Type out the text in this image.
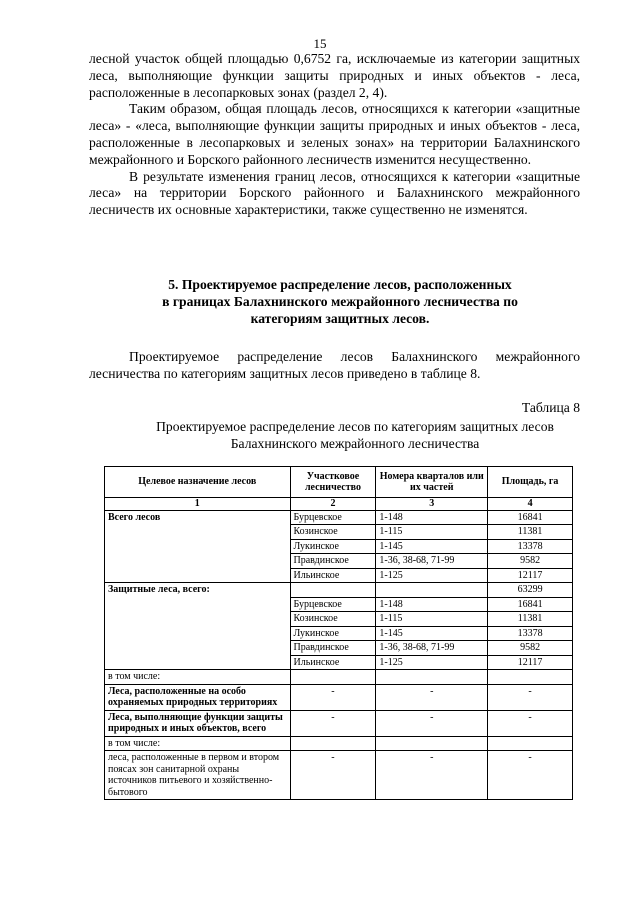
15

лесной участок общей площадью 0,6752 га, исключаемые из категории защитных леса, выполняющие функции защиты природных и иных объектов - леса, расположенные в лесопарковых зонах (раздел 2, 4).

Таким образом, общая площадь лесов, относящихся к категории «защитные леса» - «леса, выполняющие функции защиты природных и иных объектов - леса, расположенные в лесопарковых и зеленых зонах» на территории Балахнинского межрайонного и Борского районного лесничеств изменится несущественно.

В результате изменения границ лесов, относящихся к категории «защитные леса» на территории Борского районного и Балахнинского межрайонного лесничеств их основные характеристики, также существенно не изменятся.

5. Проектируемое распределение лесов, расположенных
в границах Балахнинского межрайонного лесничества по
категориям защитных лесов.

Проектируемое распределение лесов Балахнинского межрайонного лесничества по категориям защитных лесов приведено в таблице 8.

Таблица 8
Проектируемое распределение лесов по категориям защитных лесов
Балахнинского межрайонного лесничества
Целевое назначение лесов	Участковое лесничество	Номера кварталов или их частей	Площадь, га
1	2	3	4
Всего лесов	Бурцевское	1-148	16841
	Козинское	1-115	11381
	Лукинское	1-145	13378
	Правдинское	1-36, 38-68, 71-99	9582
	Ильинское	1-125	12117
Защитные леса, всего:			63299
	Бурцевское	1-148	16841
	Козинское	1-115	11381
	Лукинское	1-145	13378
	Правдинское	1-36, 38-68, 71-99	9582
	Ильинское	1-125	12117
в том числе:			
Леса, расположенные на особо охраняемых природных территориях	-	-	-
Леса, выполняющие функции защиты природных и иных объектов, всего	-	-	-
в том числе:			
леса, расположенные в первом и втором поясах зон санитарной охраны источников питьевого и хозяйственно-бытового	-	-	-
